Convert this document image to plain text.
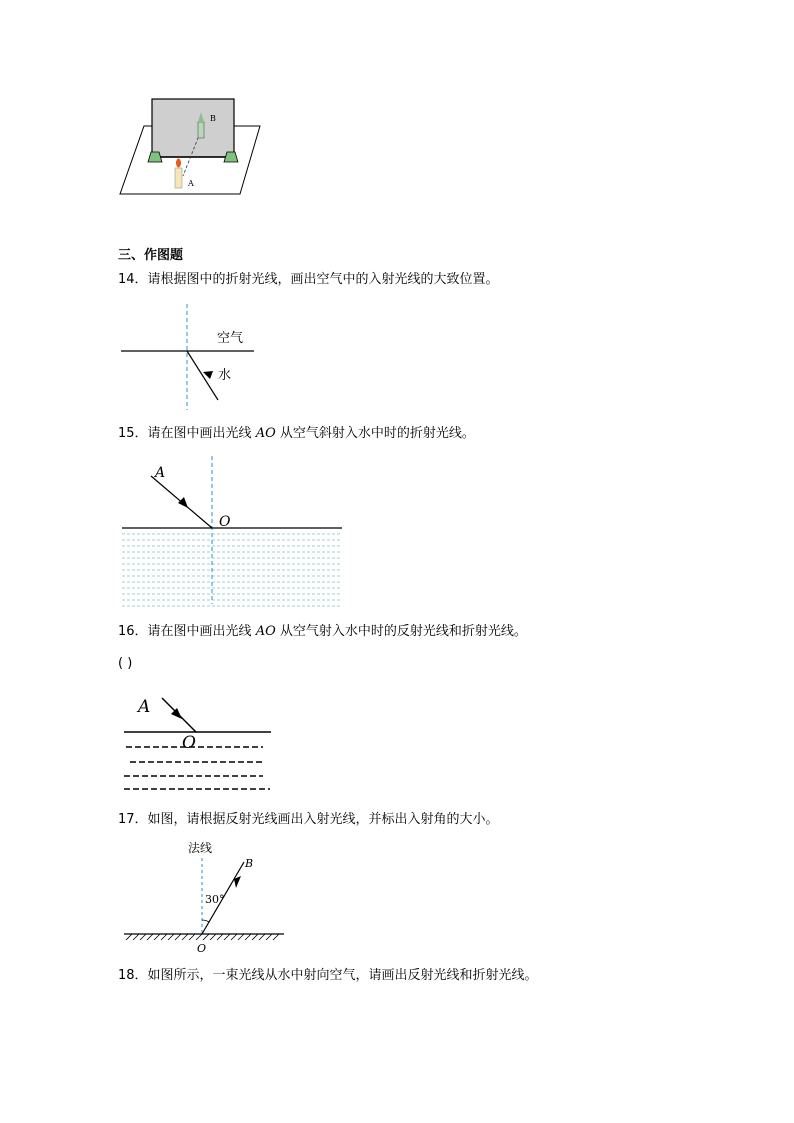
A
B
三、作图题
14．请根据图中的折射光线，画出空气中的入射光线的大致位置。
空气
水
15．请在图中画出光线 AO 从空气斜射入水中时的折射光线。
A
O
16．请在图中画出光线 AO 从空气射入水中时的反射光线和折射光线。
( )
A
O
17．如图，请根据反射光线画出入射光线，并标出入射角的大小。
法线
30°
B
O
18．如图所示，一束光线从水中射向空气，请画出反射光线和折射光线。
